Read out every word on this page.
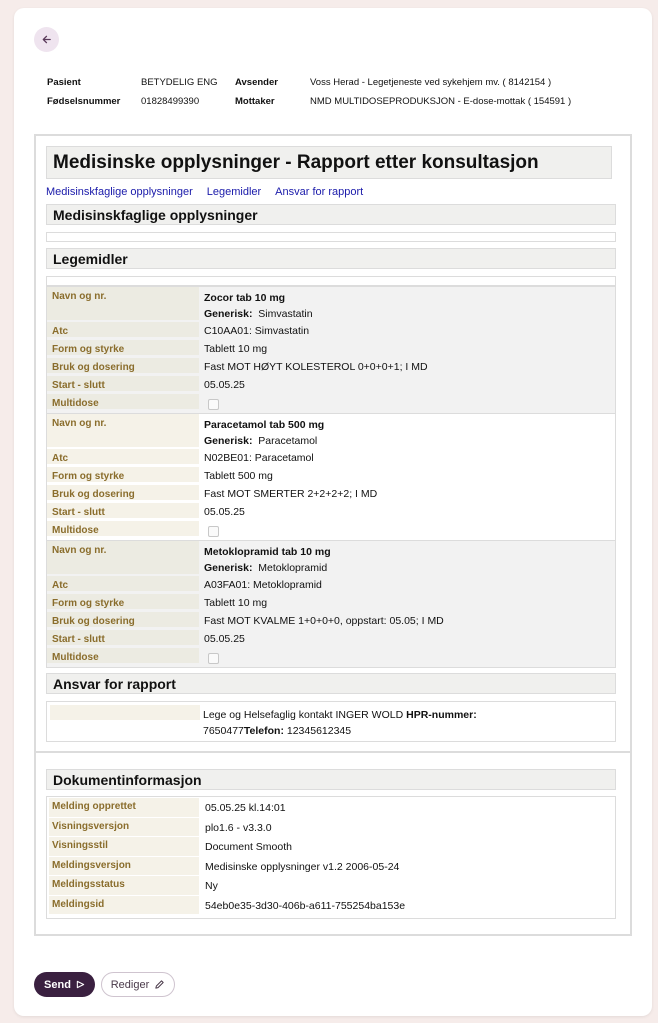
Pasient	BETYDELIG ENG Avsender	Voss Herad - Legetjeneste ved sykehjem mv. ( 8142154 )
Fødselsnummer 01828499390	Mottaker	NMD MULTIDOSEPRODUKSJON - E-dose-mottak ( 154591 )
Medisinske opplysninger - Rapport etter konsultasjon
Medisinskfaglige opplysninger Legemidler Ansvar for rapport
Medisinskfaglige opplysninger
Legemidler
Navn og nr.	Zocor tab 10 mg
Generisk: Simvastatin
Atc	C10AA01: Simvastatin
Form og styrke	Tablett 10 mg
Bruk og dosering	Fast MOT HØYT KOLESTEROL 0+0+0+1; I MD
Start - slutt	05.05.25
Multidose
Navn og nr.	Paracetamol tab 500 mg
Generisk: Paracetamol
Atc	N02BE01: Paracetamol
Form og styrke	Tablett 500 mg
Bruk og dosering	Fast MOT SMERTER 2+2+2+2; I MD
Start - slutt	05.05.25
Multidose
Navn og nr.	Metoklopramid tab 10 mg
Generisk: Metoklopramid
Atc	A03FA01: Metoklopramid
Form og styrke	Tablett 10 mg
Bruk og dosering	Fast MOT KVALME 1+0+0+0, oppstart: 05.05; I MD
Start - slutt	05.05.25
Multidose
Ansvar for rapport
Lege og Helsefaglig kontakt INGER WOLD HPR-nummer:
7650477Telefon: 12345612345
Dokumentinformasjon
Melding opprettet	05.05.25 kl.14:01
Visningsversjon	plo1.6 - v3.3.0
Visningsstil	Document Smooth
Meldingsversjon	Medisinske opplysninger v1.2 2006-05-24
Meldingsstatus	Ny
Meldingsid	54eb0e35-3d30-406b-a611-755254ba153e
Send	Rediger
